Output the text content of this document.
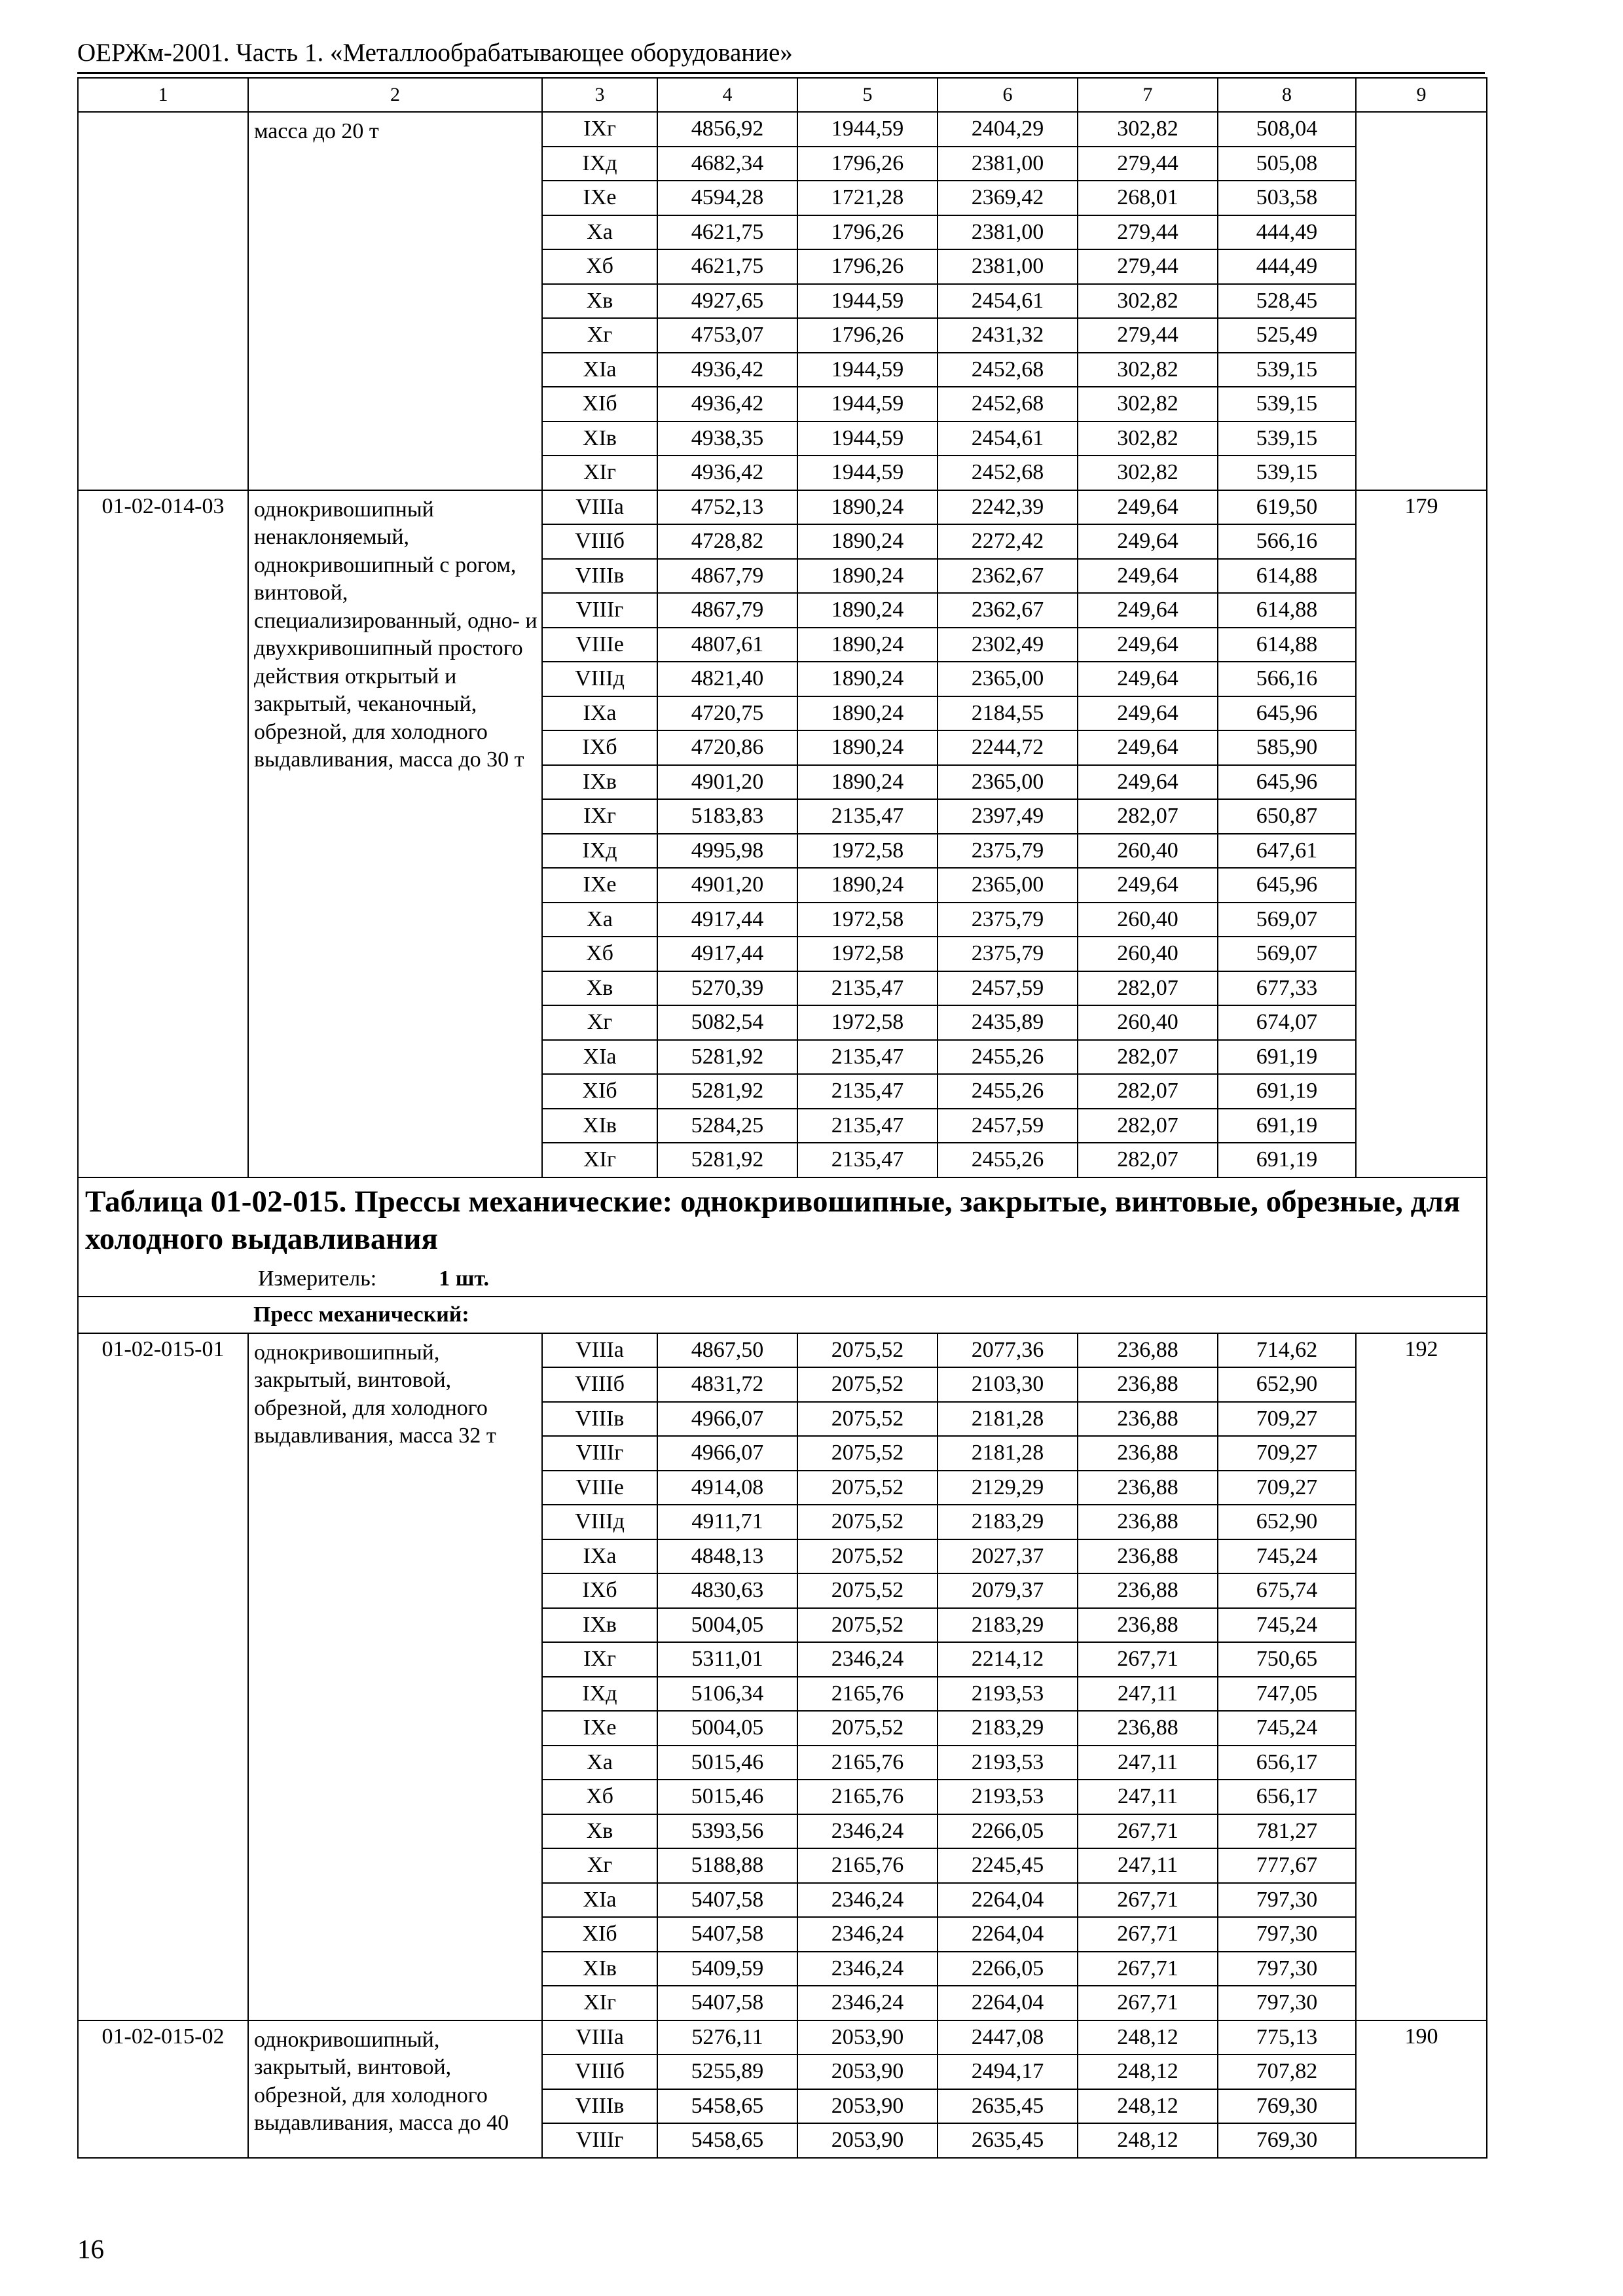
ОЕРЖм-2001. Часть 1. «Металлообрабатывающее оборудование»
1	2	3	4	5	6	7	8	9
	масса до 20 т	IXг	4856,92	1944,59	2404,29	302,82	508,04	
		IXд	4682,34	1796,26	2381,00	279,44	505,08	
		IXе	4594,28	1721,28	2369,42	268,01	503,58	
		Xа	4621,75	1796,26	2381,00	279,44	444,49	
		Xб	4621,75	1796,26	2381,00	279,44	444,49	
		Xв	4927,65	1944,59	2454,61	302,82	528,45	
		Xг	4753,07	1796,26	2431,32	279,44	525,49	
		XIа	4936,42	1944,59	2452,68	302,82	539,15	
		XIб	4936,42	1944,59	2452,68	302,82	539,15	
		XIв	4938,35	1944,59	2454,61	302,82	539,15	
		XIг	4936,42	1944,59	2452,68	302,82	539,15	
01-02-014-03	однокривошипный ненаклоняемый, однокривошипный с рогом, винтовой, специализированный, одно- и двухкривошипный простого действия открытый и закрытый, чеканочный, обрезной, для холодного выдавливания, масса до 30 т	VIIIа	4752,13	1890,24	2242,39	249,64	619,50	179
		VIIIб	4728,82	1890,24	2272,42	249,64	566,16	
		VIIIв	4867,79	1890,24	2362,67	249,64	614,88	
		VIIIг	4867,79	1890,24	2362,67	249,64	614,88	
		VIIIе	4807,61	1890,24	2302,49	249,64	614,88	
		VIIIд	4821,40	1890,24	2365,00	249,64	566,16	
		IXа	4720,75	1890,24	2184,55	249,64	645,96	
		IXб	4720,86	1890,24	2244,72	249,64	585,90	
		IXв	4901,20	1890,24	2365,00	249,64	645,96	
		IXг	5183,83	2135,47	2397,49	282,07	650,87	
		IXд	4995,98	1972,58	2375,79	260,40	647,61	
		IXе	4901,20	1890,24	2365,00	249,64	645,96	
		Xа	4917,44	1972,58	2375,79	260,40	569,07	
		Xб	4917,44	1972,58	2375,79	260,40	569,07	
		Xв	5270,39	2135,47	2457,59	282,07	677,33	
		Xг	5082,54	1972,58	2435,89	260,40	674,07	
		XIа	5281,92	2135,47	2455,26	282,07	691,19	
		XIб	5281,92	2135,47	2455,26	282,07	691,19	
		XIв	5284,25	2135,47	2457,59	282,07	691,19	
		XIг	5281,92	2135,47	2455,26	282,07	691,19	

Таблица 01-02-015. Прессы механические: однокривошипные, закрытые, винтовые, обрезные, для холодного выдавливания
Измеритель: 1 шт.								

	Пресс механический:							
01-02-015-01	однокривошипный, закрытый, винтовой, обрезной, для холодного выдавливания, масса 32 т	VIIIа	4867,50	2075,52	2077,36	236,88	714,62	192
		VIIIб	4831,72	2075,52	2103,30	236,88	652,90	
		VIIIв	4966,07	2075,52	2181,28	236,88	709,27	
		VIIIг	4966,07	2075,52	2181,28	236,88	709,27	
		VIIIе	4914,08	2075,52	2129,29	236,88	709,27	
		VIIIд	4911,71	2075,52	2183,29	236,88	652,90	
		IXа	4848,13	2075,52	2027,37	236,88	745,24	
		IXб	4830,63	2075,52	2079,37	236,88	675,74	
		IXв	5004,05	2075,52	2183,29	236,88	745,24	
		IXг	5311,01	2346,24	2214,12	267,71	750,65	
		IXд	5106,34	2165,76	2193,53	247,11	747,05	
		IXе	5004,05	2075,52	2183,29	236,88	745,24	
		Xа	5015,46	2165,76	2193,53	247,11	656,17	
		Xб	5015,46	2165,76	2193,53	247,11	656,17	
		Xв	5393,56	2346,24	2266,05	267,71	781,27	
		Xг	5188,88	2165,76	2245,45	247,11	777,67	
		XIа	5407,58	2346,24	2264,04	267,71	797,30	
		XIб	5407,58	2346,24	2264,04	267,71	797,30	
		XIв	5409,59	2346,24	2266,05	267,71	797,30	
		XIг	5407,58	2346,24	2264,04	267,71	797,30	
01-02-015-02	однокривошипный, закрытый, винтовой, обрезной, для холодного выдавливания, масса до 40	VIIIа	5276,11	2053,90	2447,08	248,12	775,13	190
		VIIIб	5255,89	2053,90	2494,17	248,12	707,82	
		VIIIв	5458,65	2053,90	2635,45	248,12	769,30	
		VIIIг	5458,65	2053,90	2635,45	248,12	769,30	
16
